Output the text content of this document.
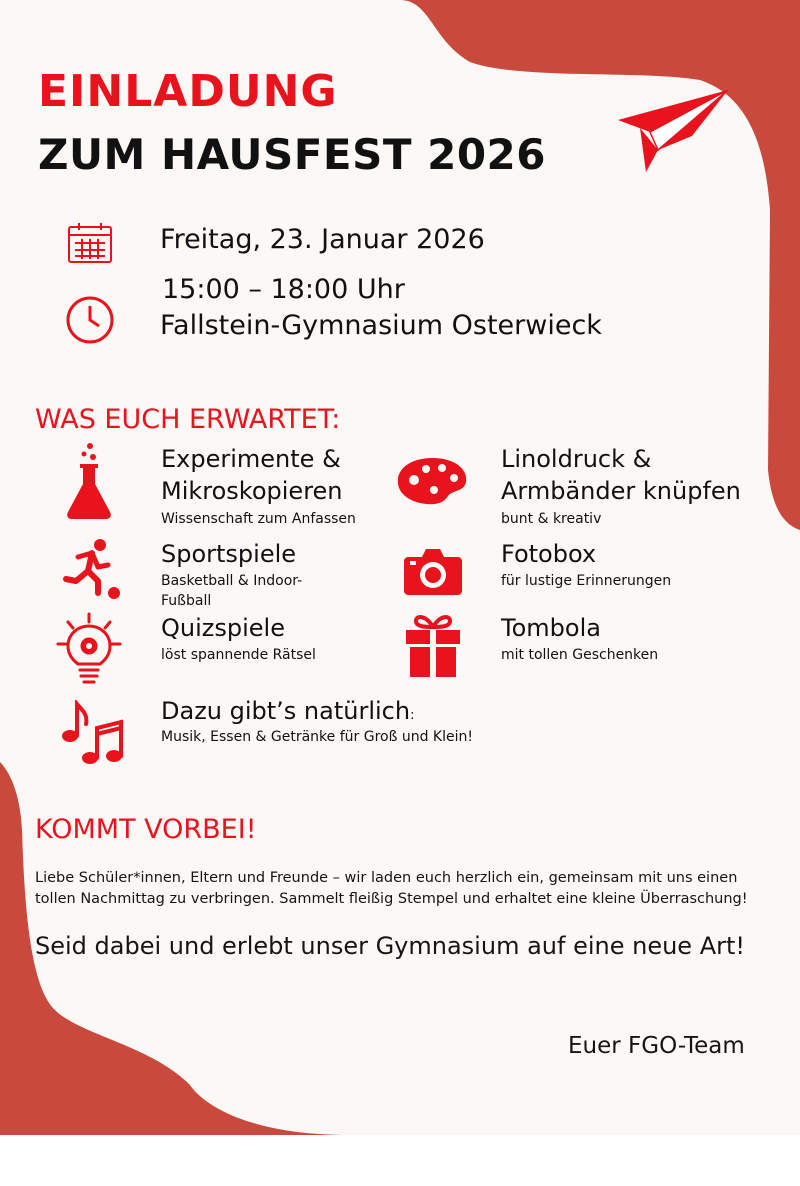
EINLADUNG
ZUM HAUSFEST 2026

Freitag, 23. Januar 2026

15:00 – 18:00 Uhr

Fallstein-Gymnasium Osterwieck

WAS EUCH ERWARTET:

Experimente &

Mikroskopieren

Wissenschaft zum Anfassen

Linoldruck &

Armbänder knüpfen

bunt & kreativ

Sportspiele

Basketball & Indoor-

Fußball

Fotobox

für lustige Erinnerungen

Quizspiele

löst spannende Rätsel

Tombola

mit tollen Geschenken

Dazu gibt’s natürlich:

Musik, Essen & Getränke für Groß und Klein!

KOMMT VORBEI!

Liebe Schüler*innen, Eltern und Freunde – wir laden euch herzlich ein, gemeinsam mit uns einen tollen Nachmittag zu verbringen. Sammelt fleißig Stempel und erhaltet eine kleine Überraschung!

Seid dabei und erlebt unser Gymnasium auf eine neue Art!

Euer FGO-Team
